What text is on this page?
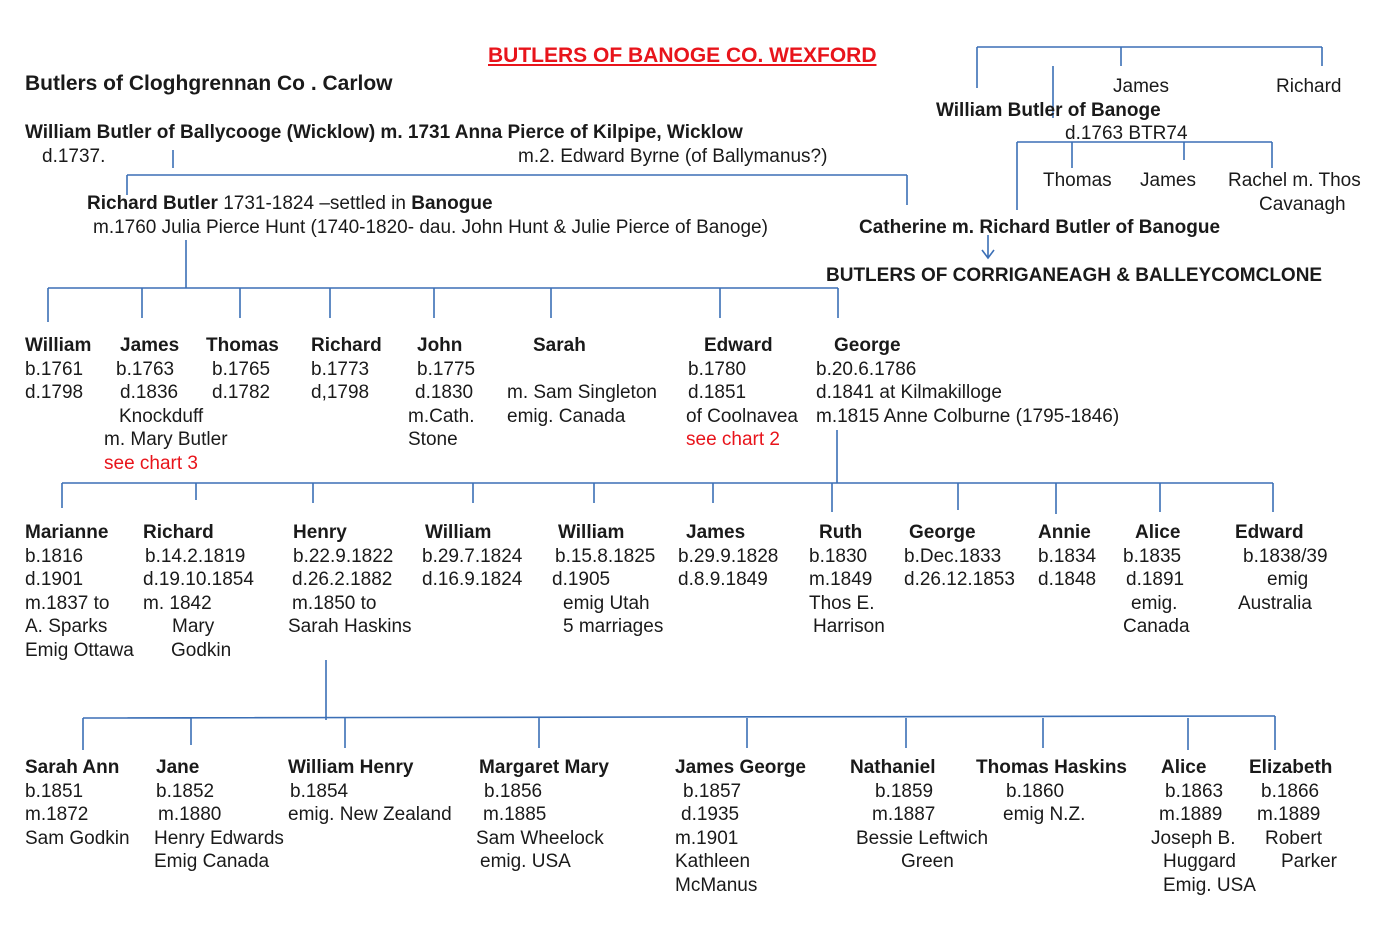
BUTLERS OF BANOGE CO. WEXFORD
Butlers of Cloghgrennan Co . Carlow
William Butler of Ballycooge (Wicklow) m. 1731 Anna Pierce of Kilpipe, Wicklow
d.1737.	m.2. Edward Byrne (of Ballymanus?)
Richard Butler 1731-1824 –settled in Banogue
m.1760 Julia Pierce Hunt (1740-1820- dau. John Hunt & Julie Pierce of Banoge)
James	Richard
William Butler of Banoge
d.1763 BTR74
Thomas James Rachel m. Thos
Cavanagh
Catherine m. Richard Butler of Banogue
BUTLERS OF CORRIGANEAGH & BALLEYCOMCLONE
William
b.1761
d.1798
James
b.1763
d.1836
Knockduff
m. Mary Butler
see chart 3
Thomas
b.1765
d.1782
Richard
b.1773
d,1798
John
b.1775
d.1830
m.Cath.
Stone
Sarah
m. Sam Singleton
emig. Canada
Edward
b.1780
d.1851
of Coolnavea
see chart 2
George
b.20.6.1786
d.1841 at Kilmakilloge
m.1815 Anne Colburne (1795-1846)
Marianne
b.1816
d.1901
m.1837 to
A. Sparks
Emig Ottawa
Richard
b.14.2.1819
d.19.10.1854
m. 1842
Mary
Godkin
Henry
b.22.9.1822
d.26.2.1882
m.1850 to
Sarah Haskins
William
b.29.7.1824
d.16.9.1824
William
b.15.8.1825
d.1905
emig Utah
5 marriages
James
b.29.9.1828
d.8.9.1849
Ruth
b.1830
m.1849
Thos E.
Harrison
George
b.Dec.1833
d.26.12.1853
Annie
b.1834
d.1848
Alice
b.1835
d.1891
emig.
Canada
Edward
b.1838/39
emig
Australia
Sarah Ann
b.1851
m.1872
Sam Godkin
Jane
b.1852
m.1880
Henry Edwards
Emig Canada
William Henry
b.1854
emig. New Zealand
Margaret Mary
b.1856
m.1885
Sam Wheelock
emig. USA
James George
b.1857
d.1935
m.1901
Kathleen
McManus
Nathaniel
b.1859
m.1887
Bessie Leftwich
Green
Thomas Haskins
b.1860
emig N.Z.
Alice
b.1863
m.1889
Joseph B.
Huggard
Emig. USA
Elizabeth
b.1866
m.1889
Robert
Parker
